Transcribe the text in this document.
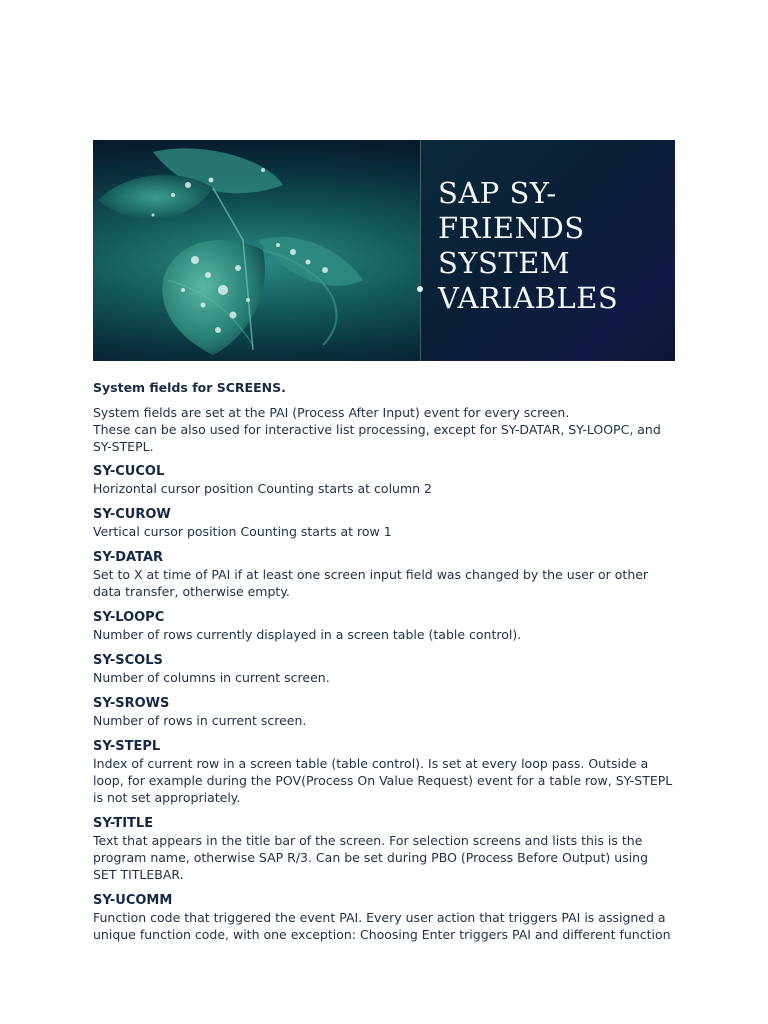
SAP SY-FRIENDS SYSTEM VARIABLES
System fields for SCREENS.

System fields are set at the PAI (Process After Input) event for every screen.

These can be also used for interactive list processing, except for SY-DATAR, SY-LOOPC, and SY-STEPL.

SY-CUCOL

Horizontal cursor position Counting starts at column 2

SY-CUROW

Vertical cursor position Counting starts at row 1

SY-DATAR

Set to X at time of PAI if at least one screen input field was changed by the user or other data transfer, otherwise empty.

SY-LOOPC

Number of rows currently displayed in a screen table (table control).

SY-SCOLS

Number of columns in current screen.

SY-SROWS

Number of rows in current screen.

SY-STEPL

Index of current row in a screen table (table control). Is set at every loop pass. Outside a loop, for example during the POV(Process On Value Request) event for a table row, SY-STEPL is not set appropriately.

SY-TITLE

Text that appears in the title bar of the screen. For selection screens and lists this is the program name, otherwise SAP R/3. Can be set during PBO (Process Before Output) using SET TITLEBAR.

SY-UCOMM

Function code that triggered the event PAI. Every user action that triggers PAI is assigned a unique function code, with one exception: Choosing Enter triggers PAI and different function
